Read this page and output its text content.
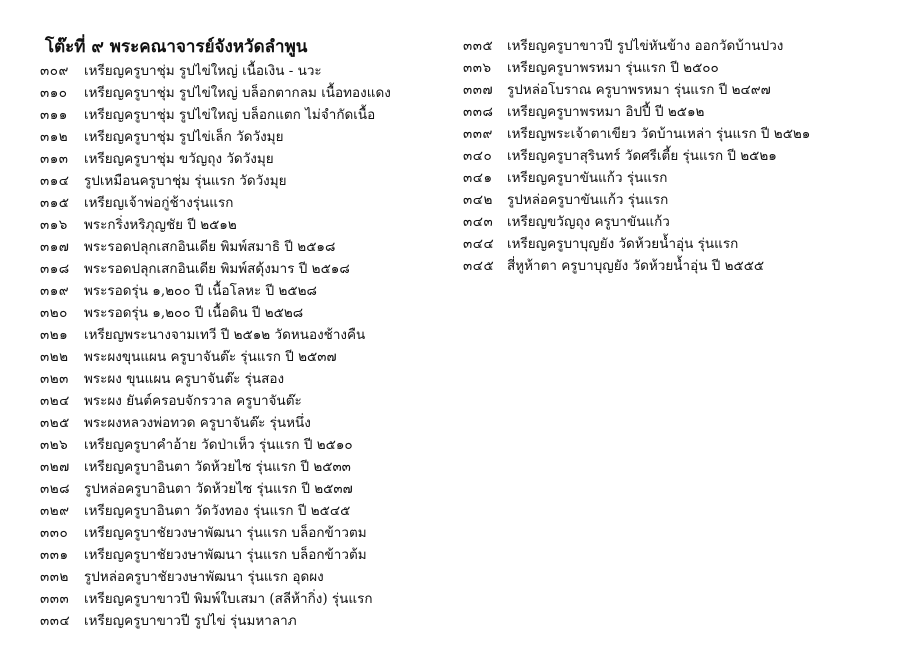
โต๊ะที่ ๙ พระคณาจารย์จังหวัดลำพูน
๓๐๙ เหรียญครูบาชุ่ม รูปไข่ใหญ่ เนื้อเงิน - นวะ
๓๑๐ เหรียญครูบาชุ่ม รูปไข่ใหญ่ บล็อกตากลม เนื้อทองแดง
๓๑๑ เหรียญครูบาชุ่ม รูปไข่ใหญ่ บล็อกแตก ไม่จำกัดเนื้อ
๓๑๒ เหรียญครูบาชุ่ม รูปไข่เล็ก วัดวังมุย
๓๑๓ เหรียญครูบาชุ่ม ขวัญถุง วัดวังมุย
๓๑๔ รูปเหมือนครูบาชุ่ม รุ่นแรก วัดวังมุย
๓๑๕ เหรียญเจ้าพ่อกู่ช้างรุ่นแรก
๓๑๖ พระกริ่งหริภุญชัย ปี ๒๕๑๒
๓๑๗ พระรอดปลุกเสกอินเดีย พิมพ์สมาธิ ปี ๒๕๑๘
๓๑๘ พระรอดปลุกเสกอินเดีย พิมพ์สดุ้งมาร ปี ๒๕๑๘
๓๑๙ พระรอดรุ่น ๑,๒๐๐ ปี เนื้อโลหะ ปี ๒๕๒๘
๓๒๐ พระรอดรุ่น ๑,๒๐๐ ปี เนื้อดิน ปี ๒๕๒๘
๓๒๑ เหรียญพระนางจามเทวี ปี ๒๕๑๒ วัดหนองช้างคืน
๓๒๒ พระผงขุนแผน ครูบาจันต๊ะ รุ่นแรก ปี ๒๕๓๗
๓๒๓ พระผง ขุนแผน ครูบาจันต๊ะ รุ่นสอง
๓๒๔ พระผง ยันต์ครอบจักรวาล ครูบาจันต๊ะ
๓๒๕ พระผงหลวงพ่อทวด ครูบาจันต๊ะ รุ่นหนึ่ง
๓๒๖ เหรียญครูบาคำอ้าย วัดป่าเห็ว รุ่นแรก ปี ๒๕๑๐
๓๒๗ เหรียญครูบาอินตา วัดห้วยไซ รุ่นแรก ปี ๒๕๓๓
๓๒๘ รูปหล่อครูบาอินตา วัดห้วยไซ รุ่นแรก ปี ๒๕๓๗
๓๒๙ เหรียญครูบาอินตา วัดวังทอง รุ่นแรก ปี ๒๕๔๕
๓๓๐ เหรียญครูบาชัยวงษาพัฒนา รุ่นแรก บล็อกข้าวตม
๓๓๑ เหรียญครูบาชัยวงษาพัฒนา รุ่นแรก บล็อกข้าวต้ม
๓๓๒ รูปหล่อครูบาชัยวงษาพัฒนา รุ่นแรก อุดผง
๓๓๓ เหรียญครูบาขาวปี พิมพ์ใบเสมา (สลีห้ากิ่ง) รุ่นแรก
๓๓๔ เหรียญครูบาขาวปี รูปไข่ รุ่นมหาลาภ
๓๓๕ เหรียญครูบาขาวปี รูปไข่หันข้าง ออกวัดบ้านปวง
๓๓๖ เหรียญครูบาพรหมา รุ่นแรก ปี ๒๕๐๐
๓๓๗ รูปหล่อโบราณ ครูบาพรหมา รุ่นแรก ปี ๒๔๙๗
๓๓๘ เหรียญครูบาพรหมา อิปปี้ ปี ๒๕๑๒
๓๓๙ เหรียญพระเจ้าตาเขียว วัดบ้านเหล่า รุ่นแรก ปี ๒๕๒๑
๓๔๐ เหรียญครูบาสุรินทร์ วัดศรีเตี้ย รุ่นแรก ปี ๒๕๒๑
๓๔๑ เหรียญครูบาขันแก้ว รุ่นแรก
๓๔๒ รูปหล่อครูบาขันแก้ว รุ่นแรก
๓๔๓ เหรียญขวัญถุง ครูบาขันแก้ว
๓๔๔ เหรียญครูบาบุญยัง วัดห้วยน้ำอุ่น รุ่นแรก
๓๔๕ สี่หูห้าตา ครูบาบุญยัง วัดห้วยน้ำอุ่น ปี ๒๕๕๕
